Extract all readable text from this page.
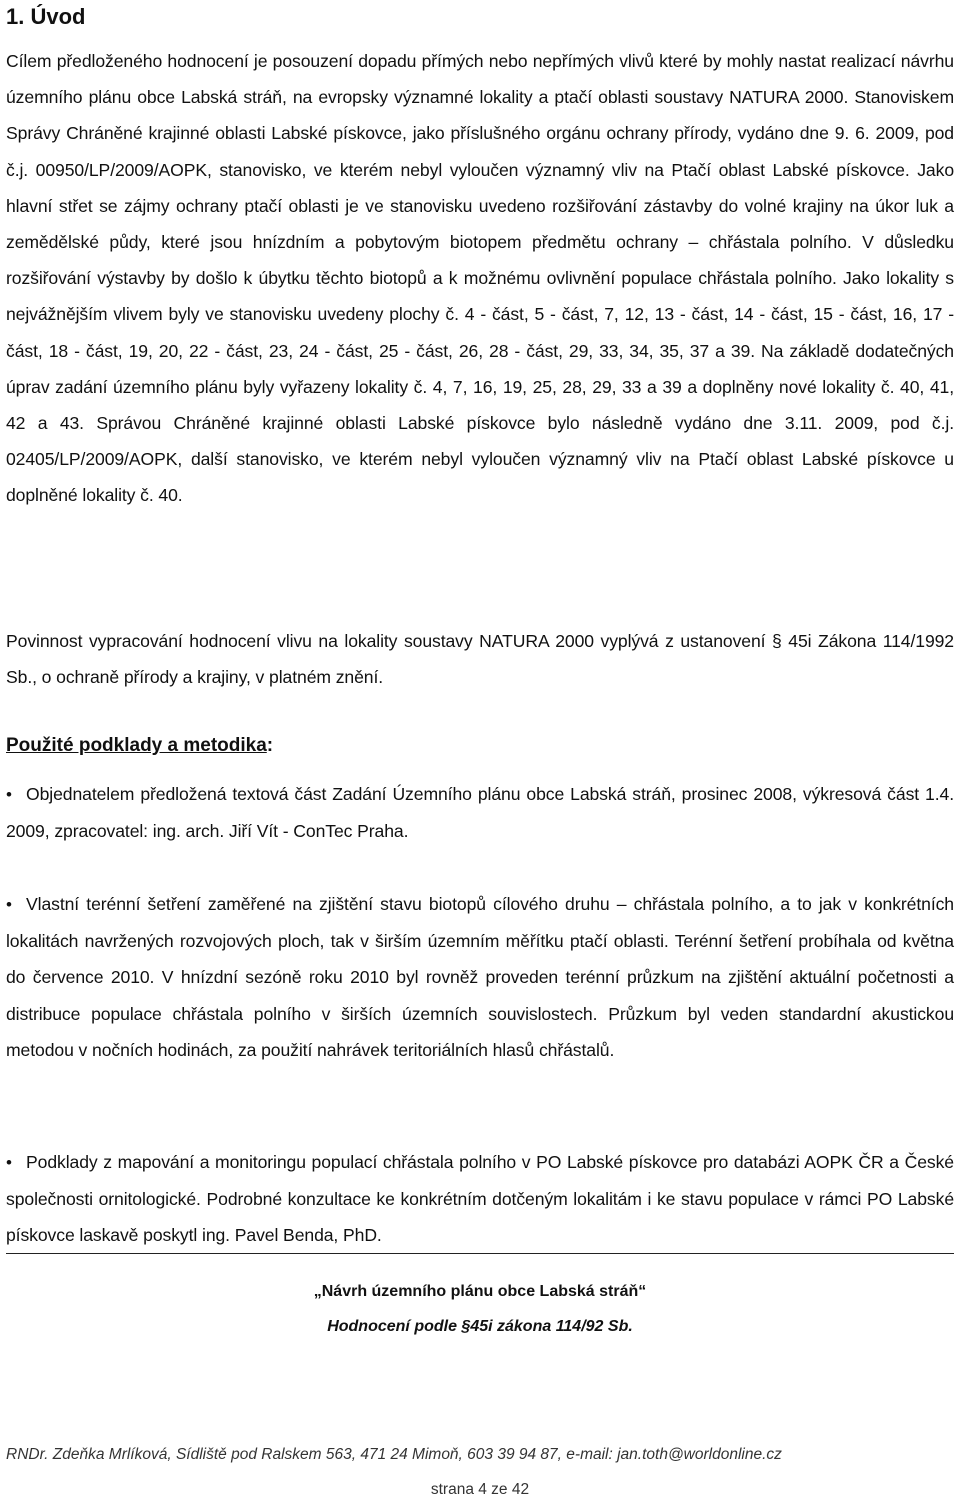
1. Úvod

Cílem předloženého hodnocení je posouzení dopadu přímých nebo nepřímých vlivů které by mohly nastat realizací návrhu územního plánu obce Labská stráň, na evropsky významné lokality a ptačí oblasti soustavy NATURA 2000. Stanoviskem Správy Chráněné krajinné oblasti Labské pískovce, jako příslušného orgánu ochrany přírody, vydáno dne 9. 6. 2009, pod č.j. 00950/LP/2009/AOPK, stanovisko, ve kterém nebyl vyloučen významný vliv na Ptačí oblast Labské pískovce. Jako hlavní střet se zájmy ochrany ptačí oblasti je ve stanovisku uvedeno rozšiřování zástavby do volné krajiny na úkor luk a zemědělské půdy, které jsou hnízdním a pobytovým biotopem předmětu ochrany – chřástala polního. V důsledku rozšiřování výstavby by došlo k úbytku těchto biotopů a k možnému ovlivnění populace chřástala polního. Jako lokality s nejvážnějším vlivem byly ve stanovisku uvedeny plochy č. 4 - část, 5 - část, 7, 12, 13 - část, 14 - část, 15 - část, 16, 17 - část, 18 - část, 19, 20, 22 - část, 23, 24 - část, 25 - část, 26, 28 - část, 29, 33, 34, 35, 37 a 39. Na základě dodatečných úprav zadání územního plánu byly vyřazeny lokality č. 4, 7, 16, 19, 25, 28, 29, 33 a 39 a doplněny nové lokality č. 40, 41, 42 a 43. Správou Chráněné krajinné oblasti Labské pískovce bylo následně vydáno dne 3.11. 2009, pod č.j. 02405/LP/2009/AOPK, další stanovisko, ve kterém nebyl vyloučen významný vliv na Ptačí oblast Labské pískovce u doplněné lokality č. 40.

Povinnost vypracování hodnocení vlivu na lokality soustavy NATURA 2000 vyplývá z ustanovení § 45i Zákona 114/1992 Sb., o ochraně přírody a krajiny, v platném znění.

Použité podklady a metodika:

• Objednatelem předložená textová část Zadání Územního plánu obce Labská stráň, prosinec 2008, výkresová část 1.4. 2009, zpracovatel: ing. arch. Jiří Vít - ConTec Praha.

• Vlastní terénní šetření zaměřené na zjištění stavu biotopů cílového druhu – chřástala polního, a to jak v konkrétních lokalitách navržených rozvojových ploch, tak v širším územním měřítku ptačí oblasti. Terénní šetření probíhala od května do července 2010. V hnízdní sezóně roku 2010 byl rovněž proveden terénní průzkum na zjištění aktuální početnosti a distribuce populace chřástala polního v širších územních souvislostech. Průzkum byl veden standardní akustickou metodou v nočních hodinách, za použití nahrávek teritoriálních hlasů chřástalů.

• Podklady z mapování a monitoringu populací chřástala polního v PO Labské pískovce pro databázi AOPK ČR a České společnosti ornitologické. Podrobné konzultace ke konkrétním dotčeným lokalitám i ke stavu populace v rámci PO Labské pískovce laskavě poskytl ing. Pavel Benda, PhD.

„Návrh územního plánu obce Labská stráň“

Hodnocení podle §45i zákona 114/92 Sb.

RNDr. Zdeňka Mrlíková, Sídliště pod Ralskem 563, 471 24 Mimoň, 603 39 94 87, e-mail: jan.toth@worldonline.cz

strana 4 ze 42
